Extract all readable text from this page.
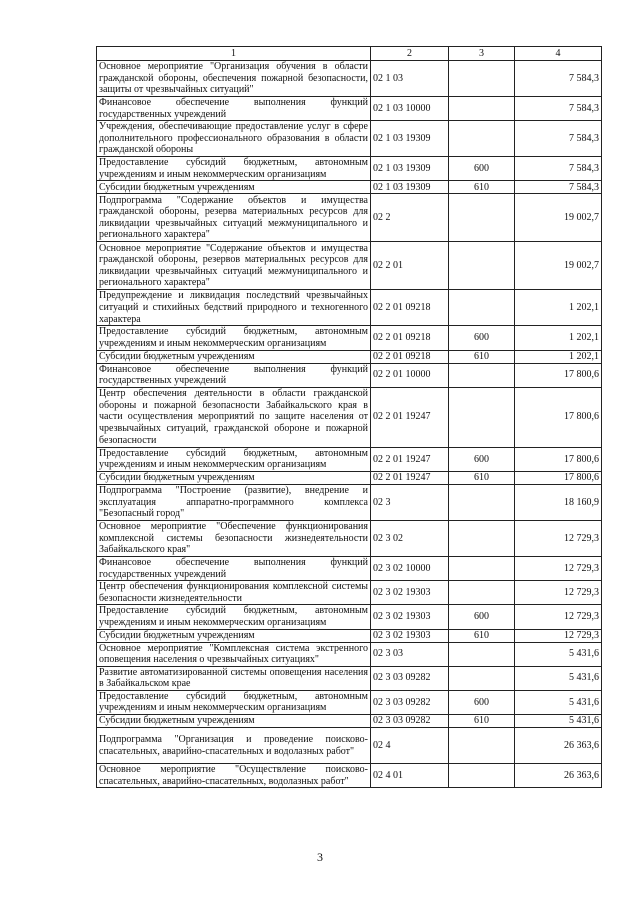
1	2	3	4
Основное мероприятие "Организация обучения в области гражданской обороны, обеспечения пожарной безопасности, защиты от чрезвычайных ситуаций"	02 1 03		7 584,3
Финансовое обеспечение выполнения функций государственных учреждений	02 1 03 10000		7 584,3
Учреждения, обеспечивающие предоставление услуг в сфере дополнительного профессионального образования в области гражданской обороны	02 1 03 19309		7 584,3
Предоставление субсидий бюджетным, автономным учреждениям и иным некоммерческим организациям	02 1 03 19309	600	7 584,3
Субсидии бюджетным учреждениям	02 1 03 19309	610	7 584,3
Подпрограмма "Содержание объектов и имущества гражданской обороны, резерва материальных ресурсов для ликвидации чрезвычайных ситуаций межмуниципального и регионального характера"	02 2		19 002,7
Основное мероприятие "Содержание объектов и имущества гражданской обороны, резервов материальных ресурсов для ликвидации чрезвычайных ситуаций межмуниципального и регионального характера"	02 2 01		19 002,7
Предупреждение и ликвидация последствий чрезвычайных ситуаций и стихийных бедствий природного и техногенного характера	02 2 01 09218		1 202,1
Предоставление субсидий бюджетным, автономным учреждениям и иным некоммерческим организациям	02 2 01 09218	600	1 202,1
Субсидии бюджетным учреждениям	02 2 01 09218	610	1 202,1
Финансовое обеспечение выполнения функций государственных учреждений	02 2 01 10000		17 800,6
Центр обеспечения деятельности в области гражданской обороны и пожарной безопасности Забайкальского края в части осуществления мероприятий по защите населения от чрезвычайных ситуаций, гражданской обороне и пожарной безопасности	02 2 01 19247		17 800,6
Предоставление субсидий бюджетным, автономным учреждениям и иным некоммерческим организациям	02 2 01 19247	600	17 800,6
Субсидии бюджетным учреждениям	02 2 01 19247	610	17 800,6
Подпрограмма "Построение (развитие), внедрение и эксплуатация аппаратно-программного комплекса "Безопасный город"	02 3		18 160,9
Основное мероприятие "Обеспечение функционирования комплексной системы безопасности жизнедеятельности Забайкальского края"	02 3 02		12 729,3
Финансовое обеспечение выполнения функций государственных учреждений	02 3 02 10000		12 729,3
Центр обеспечения функционирования комплексной системы безопасности жизнедеятельности	02 3 02 19303		12 729,3
Предоставление субсидий бюджетным, автономным учреждениям и иным некоммерческим организациям	02 3 02 19303	600	12 729,3
Субсидии бюджетным учреждениям	02 3 02 19303	610	12 729,3
Основное мероприятие "Комплексная система экстренного оповещения населения о чрезвычайных ситуациях"	02 3 03		5 431,6
Развитие автоматизированной системы оповещения населения в Забайкальском крае	02 3 03 09282		5 431,6
Предоставление субсидий бюджетным, автономным учреждениям и иным некоммерческим организациям	02 3 03 09282	600	5 431,6
Субсидии бюджетным учреждениям	02 3 03 09282	610	5 431,6
Подпрограмма "Организация и проведение поисково-спасательных, аварийно-спасательных и водолазных работ"	02 4		26 363,6
Основное мероприятие "Осуществление поисково-спасательных, аварийно-спасательных, водолазных работ"	02 4 01		26 363,6
3
